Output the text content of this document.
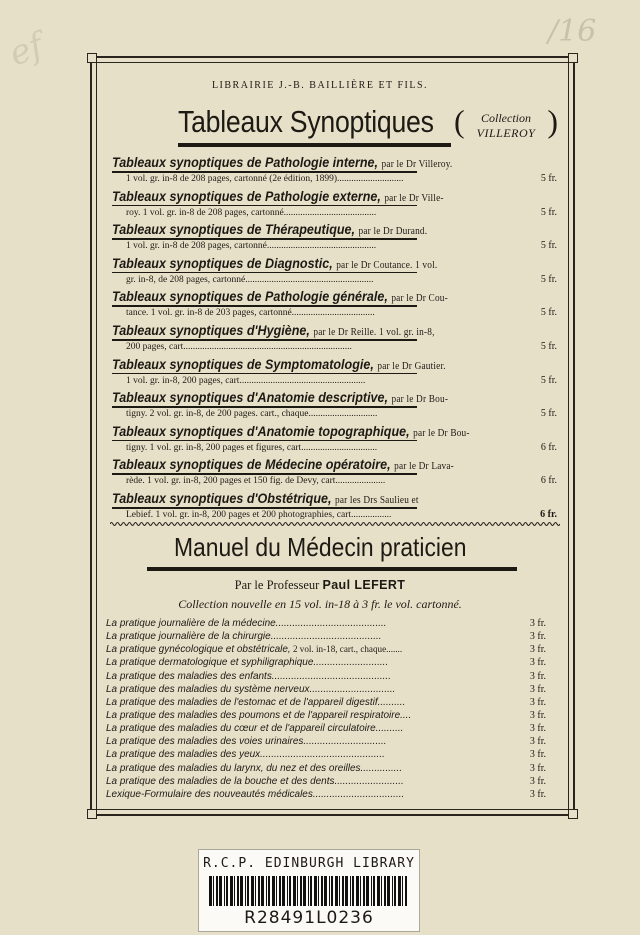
/16
ef
LIBRAIRIE J.-B. BAILLIÈRE ET FILS.
Tableaux Synoptiques (	Collection
VILLEROY )
Tableaux synoptiques de Pathologie interne, par le Dr Villeroy.
1 vol. gr. in-8 de 208 pages, cartonné (2e édition, 1899)............................	5 fr.
Tableaux synoptiques de Pathologie externe, par le Dr Ville-
roy. 1 vol. gr. in-8 de 208 pages, cartonné.......................................	5 fr.
Tableaux synoptiques de Thérapeutique, par le Dr Durand.
1 vol. gr. in-8 de 208 pages, cartonné..............................................	5 fr.
Tableaux synoptiques de Diagnostic, par le Dr Coutance. 1 vol.
gr. in-8, de 208 pages, cartonné......................................................	5 fr.
Tableaux synoptiques de Pathologie générale, par le Dr Cou-
tance. 1 vol. gr. in-8 de 203 pages, cartonné...................................	5 fr.
Tableaux synoptiques d'Hygiène, par le Dr Reille. 1 vol. gr. in-8,
200 pages, cart.......................................................................	5 fr.
Tableaux synoptiques de Symptomatologie, par le Dr Gautier.
1 vol. gr. in-8, 200 pages, cart.....................................................	5 fr.
Tableaux synoptiques d'Anatomie descriptive, par le Dr Bou-
tigny. 2 vol. gr. in-8, de 200 pages. cart., chaque.............................	5 fr.
Tableaux synoptiques d'Anatomie topographique, par le Dr Bou-
tigny. 1 vol. gr. in-8, 200 pages et figures, cart................................	6 fr.
Tableaux synoptiques de Médecine opératoire, par le Dr Lava-
rède. 1 vol. gr. in-8, 200 pages et 150 fig. de Devy, cart.....................	6 fr.
Tableaux synoptiques d'Obstétrique, par les Drs Saulieu et
Lebief. 1 vol. gr. in-8, 200 pages et 200 photographies, cart.................	6 fr.
Manuel du Médecin praticien
Par le Professeur Paul LEFERT
Collection nouvelle en 15 vol. in-18 à 3 fr. le vol. cartonné.
La pratique journalière de la médecine........................................	3 fr.
La pratique journalière de la chirurgie........................................	3 fr.
La pratique gynécologique et obstétricale, 2 vol. in-18, cart., chaque.......	3 fr.
La pratique dermatologique et syphiligraphique...........................	3 fr.
La pratique des maladies des enfants...........................................	3 fr.
La pratique des maladies du système nerveux...............................	3 fr.
La pratique des maladies de l'estomac et de l'appareil digestif..........	3 fr.
La pratique des maladies des poumons et de l'appareil respiratoire....	3 fr.
La pratique des maladies du cœur et de l'appareil circulatoire..........	3 fr.
La pratique des maladies des voies urinaires..............................	3 fr.
La pratique des maladies des yeux.............................................	3 fr.
La pratique des maladies du larynx, du nez et des oreilles...............	3 fr.
La pratique des maladies de la bouche et des dents.........................	3 fr.
Lexique-Formulaire des nouveautés médicales.................................	3 fr.
R.C.P. EDINBURGH LIBRARY
R28491L0236
